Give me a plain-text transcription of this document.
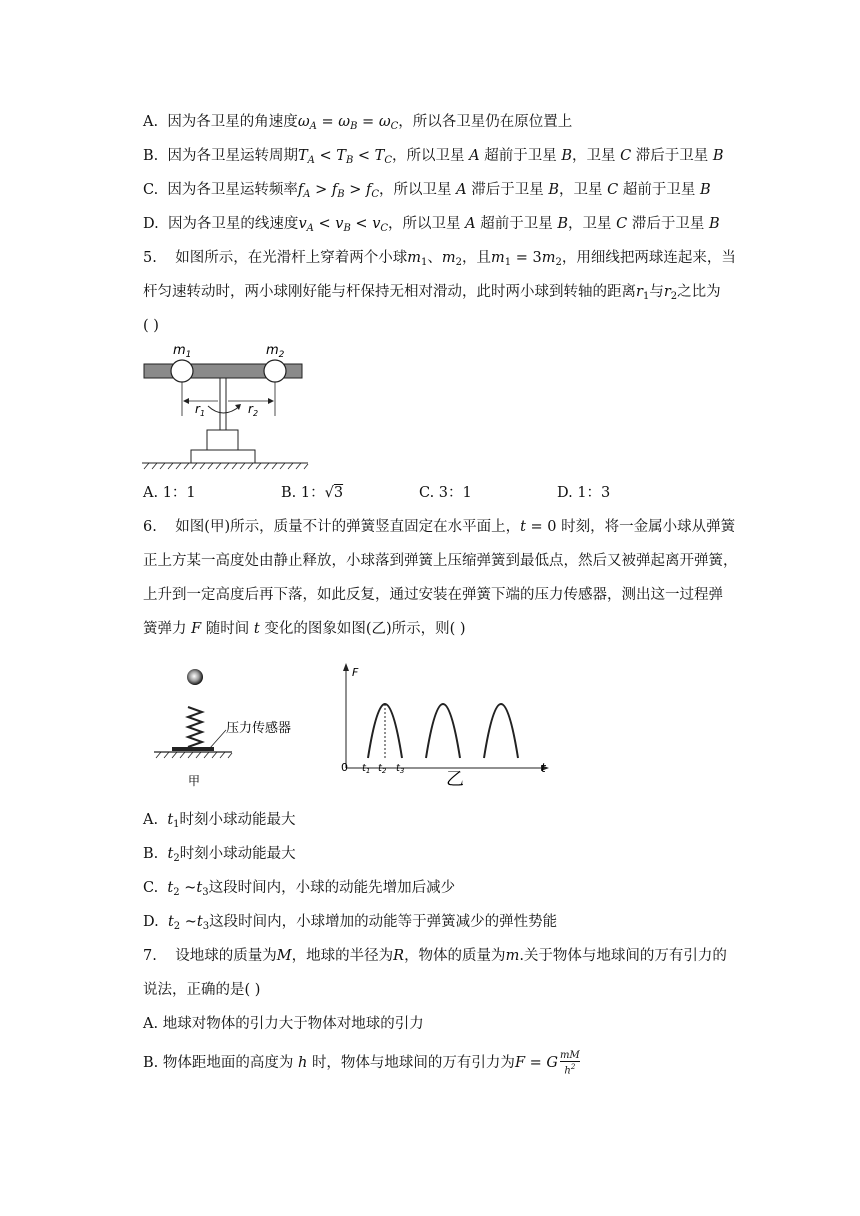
A. 因为各卫星的角速度$\omega_A = \omega_B = \omega_C$，所以各卫星仍在原位置上
B. 因为各卫星运转周期$T_A < T_B < T_C$，所以卫星 A 超前于卫星 B，卫星 C 滞后于卫星 B
C. 因为各卫星运转频率$f_A > f_B > f_C$，所以卫星 A 滞后于卫星 B，卫星 C 超前于卫星 B
D. 因为各卫星的线速度$v_A < v_B < v_C$，所以卫星 A 超前于卫星 B，卫星 C 滞后于卫星 B
5. 如图所示，在光滑杆上穿着两个小球$m_1$、$m_2$，且$m_1 = 3m_2$，用细线把两球连起来，当
杆匀速转动时，两小球刚好能与杆保持无相对滑动，此时两小球到转轴的距离$r_1$与$r_2$之比为
( )
$m_1$	$m_2$
$r_1$	$r_2$
A. 1：1	B. 1：√3	C. 3：1	D. 1：3
6. 如图(甲)所示，质量不计的弹簧竖直固定在水平面上，t = 0 时刻，将一金属小球从弹簧
正上方某一高度处由静止释放，小球落到弹簧上压缩弹簧到最低点，然后又被弹起离开弹簧，
上升到一定高度后再下落，如此反复，通过安装在弹簧下端的压力传感器，测出这一过程弹
簧弹力 F 随时间 t 变化的图象如图(乙)所示，则( )
压力传感器
甲
F
t
0 $t_1$ $t_2$ $t_3$ 乙
A.  $t_1$时刻小球动能最大
B.  $t_2$时刻小球动能最大
C.  $t_2$ $\sim t_3$这段时间内，小球的动能先增加后减少
D.  $t_2$ $\sim t_3$这段时间内，小球增加的动能等于弹簧减少的弹性势能
7. 设地球的质量为M，地球的半径为R，物体的质量为m.关于物体与地球间的万有引力的
说法，正确的是( )
A. 地球对物体的引力大于物体对地球的引力
B. 物体距地面的高度为 h 时，物体与地球间的万有引力为F = G $\frac{mM}{h^2}$
